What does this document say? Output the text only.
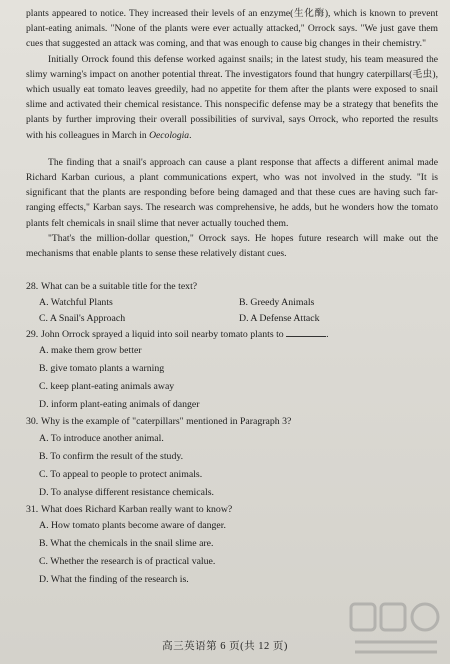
plants appeared to notice. They increased their levels of an enzyme(生化酶), which is known to prevent plant-eating animals. "None of the plants were ever actually attacked," Orrock says. "We just gave them cues that suggested an attack was coming, and that was enough to cause big changes in their chemistry."

Initially Orrock found this defense worked against snails; in the latest study, his team measured the slimy warning's impact on another potential threat. The investigators found that hungry caterpillars(毛虫), which usually eat tomato leaves greedily, had no appetite for them after the plants were exposed to snail slime and activated their chemical resistance. This nonspecific defense may be a strategy that benefits the plants by further improving their overall possibilities of survival, says Orrock, who reported the results with his colleagues in March in Oecologia.

The finding that a snail's approach can cause a plant response that affects a different animal made Richard Karban curious, a plant communications expert, who was not involved in the study. "It is significant that the plants are responding before being damaged and that these cues are having such far-ranging effects," Karban says. The research was comprehensive, he adds, but he wonders how the tomato plants felt chemicals in snail slime that never actually touched them.

"That's the million-dollar question," Orrock says. He hopes future research will make out the mechanisms that enable plants to sense these relatively distant cues.

28. What can be a suitable title for the text?

A. Watchful Plants	B. Greedy Animals
C. A Snail's Approach	D. A Defense Attack

29. John Orrock sprayed a liquid into soil nearby tomato plants to	.

A. make them grow better
B. give tomato plants a warning
C. keep plant-eating animals away
D. inform plant-eating animals of danger

30. Why is the example of "caterpillars" mentioned in Paragraph 3?

A. To introduce another animal.
B. To confirm the result of the study.
C. To appeal to people to protect animals.
D. To analyse different resistance chemicals.

31. What does Richard Karban really want to know?

A. How tomato plants become aware of danger.
B. What the chemicals in the snail slime are.
C. Whether the research is of practical value.
D. What the finding of the research is.
高三英语第 6 页(共 12 页)
